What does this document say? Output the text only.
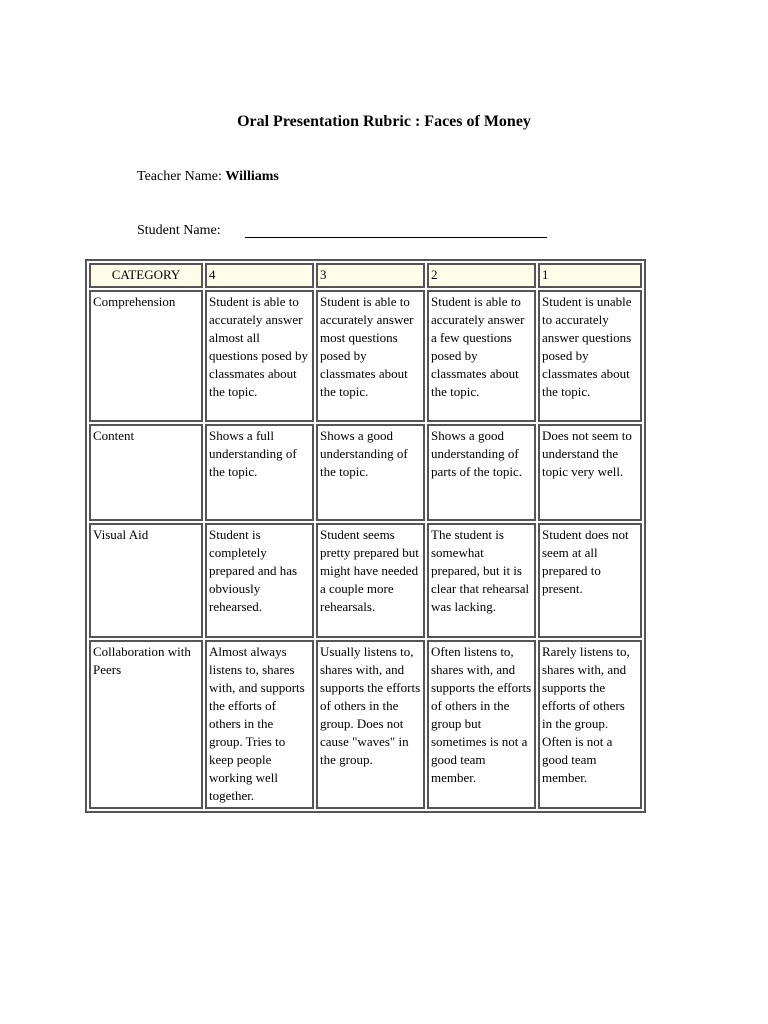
Oral Presentation Rubric : Faces of Money
Teacher Name: Williams
Student Name:
CATEGORY	4	3	2	1
Comprehension	Student is able to accurately answer almost all questions posed by classmates about the topic.	Student is able to accurately answer most questions posed by classmates about the topic.	Student is able to accurately answer a few questions posed by classmates about the topic.	Student is unable to accurately answer questions posed by classmates about the topic.
Content	Shows a full understanding of the topic.	Shows a good understanding of the topic.	Shows a good understanding of parts of the topic.	Does not seem to understand the topic very well.
Visual Aid	Student is completely prepared and has obviously rehearsed.	Student seems pretty prepared but might have needed a couple more rehearsals.	The student is somewhat prepared, but it is clear that rehearsal was lacking.	Student does not seem at all prepared to present.
Collaboration with Peers	Almost always listens to, shares with, and supports the efforts of others in the group. Tries to keep people working well together.	Usually listens to, shares with, and supports the efforts of others in the group. Does not cause "waves" in the group.	Often listens to, shares with, and supports the efforts of others in the group but sometimes is not a good team member.	Rarely listens to, shares with, and supports the efforts of others in the group. Often is not a good team member.
